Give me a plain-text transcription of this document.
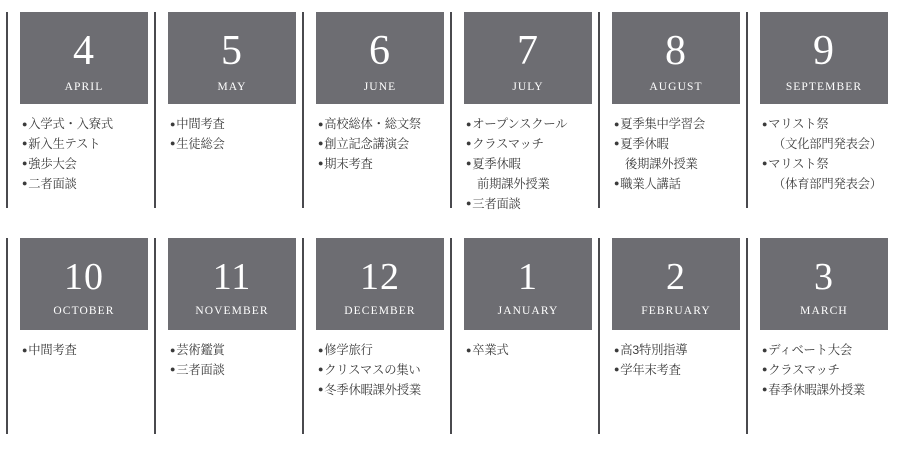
4
APRIL
●入学式・入寮式
●新入生テスト
●強歩大会
●二者面談
5
MAY
●中間考査
●生徒総会
6
JUNE
●高校総体・総文祭
●創立記念講演会
●期末考査
7
JULY
●オープンスクール
●クラスマッチ
●夏季休暇
前期課外授業
●三者面談
8
AUGUST
●夏季集中学習会
●夏季休暇
後期課外授業
●職業人講話
9
SEPTEMBER
●マリスト祭
（文化部門発表会）
●マリスト祭
（体育部門発表会）
10
OCTOBER
●中間考査
11
NOVEMBER
●芸術鑑賞
●三者面談
12
DECEMBER
●修学旅行
●クリスマスの集い
●冬季休暇課外授業
1
JANUARY
●卒業式
2
FEBRUARY
●高3特別指導
●学年末考査
3
MARCH
●ディベート大会
●クラスマッチ
●春季休暇課外授業
